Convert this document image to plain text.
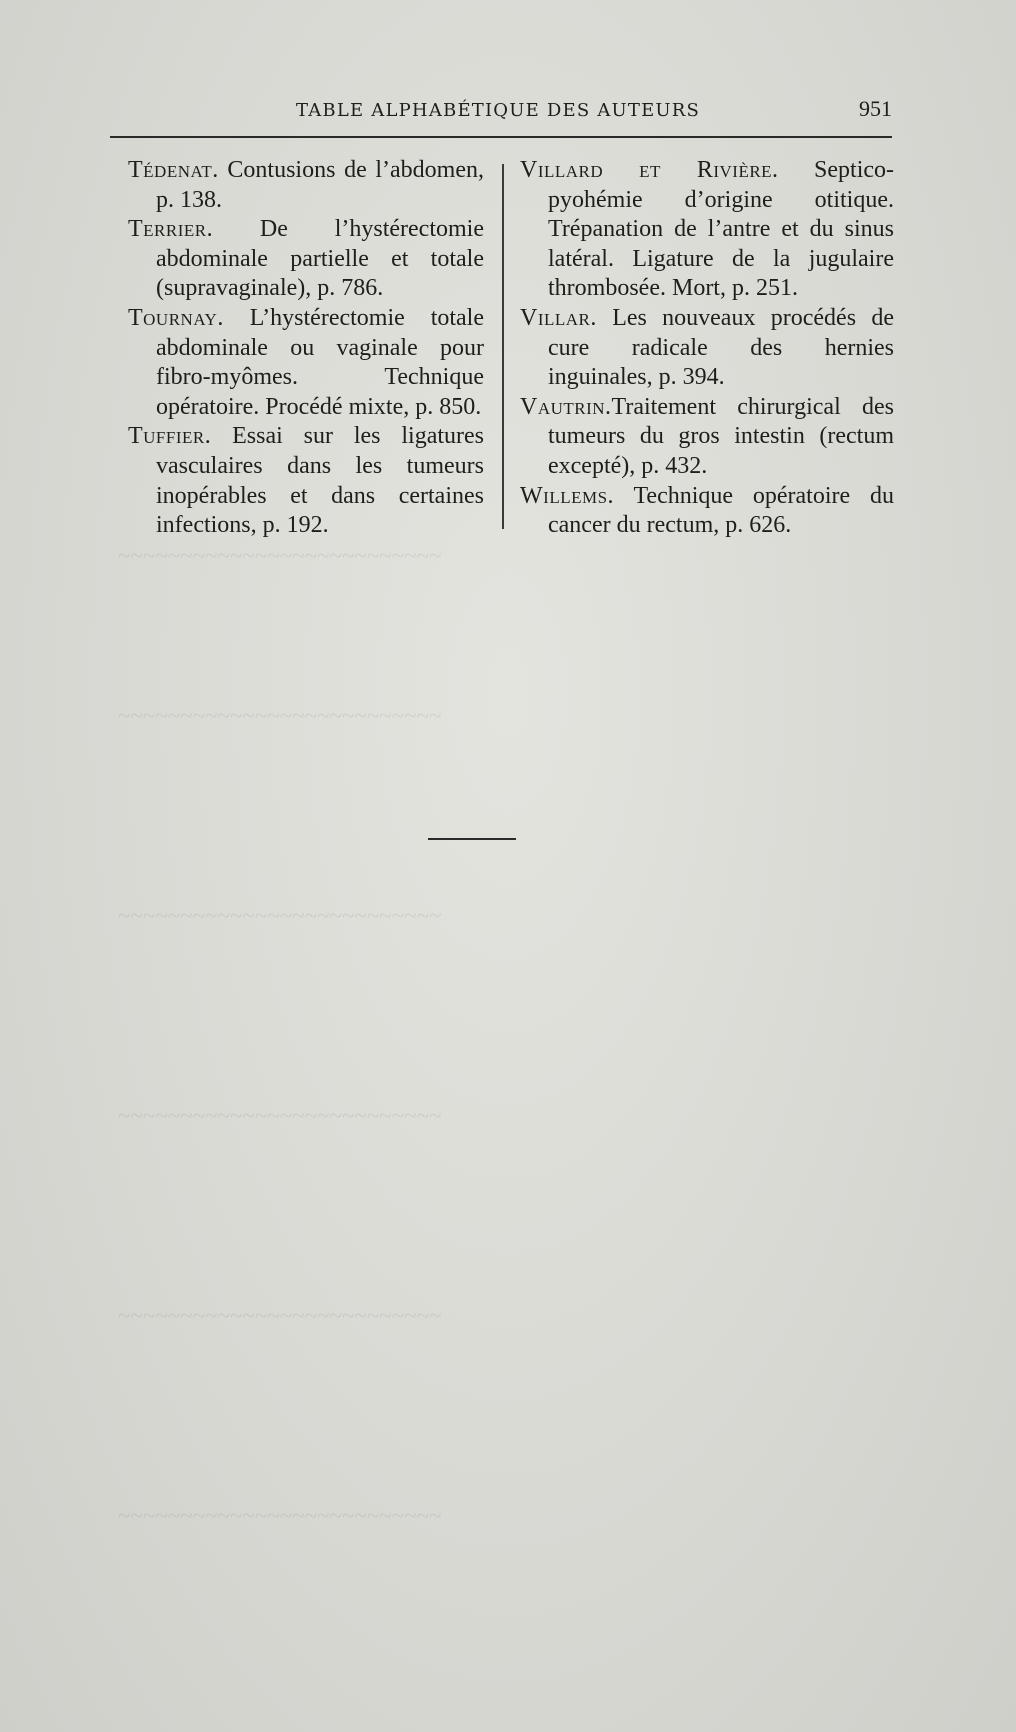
~~~~~~~~~~~~~~~~~~~~~~~~~~
~~~~~~~~~~~~~~~~~~~~~~~~~~
~~~~~~~~~~~~~~~~~~~~~~~~~~
~~~~~~~~~~~~~~~~~~~~~~~~~~
~~~~~~~~~~~~~~~~~~~~~~~~~~
~~~~~~~~~~~~~~~~~~~~~~~~~~
TABLE ALPHABÉTIQUE DES AUTEURS	951

Tédenat. Contusions de l’abdomen, p. 138.

Terrier. De l’hystérectomie abdominale partielle et totale (supravaginale), p. 786.

Tournay. L’hystérectomie totale abdominale ou vaginale pour fibro-myômes. Technique opératoire. Procédé mixte, p. 850.

Tuffier. Essai sur les ligatures vasculaires dans les tumeurs inopérables et dans certaines infections, p. 192.

Villard et Rivière. Septico-pyohémie d’origine otitique. Trépanation de l’antre et du sinus latéral. Ligature de la jugulaire thrombosée. Mort, p. 251.

Villar. Les nouveaux procédés de cure radicale des hernies inguinales, p. 394.

Vautrin.Traitement chirurgical des tumeurs du gros intestin (rectum excepté), p. 432.

Willems. Technique opératoire du cancer du rectum, p. 626.
